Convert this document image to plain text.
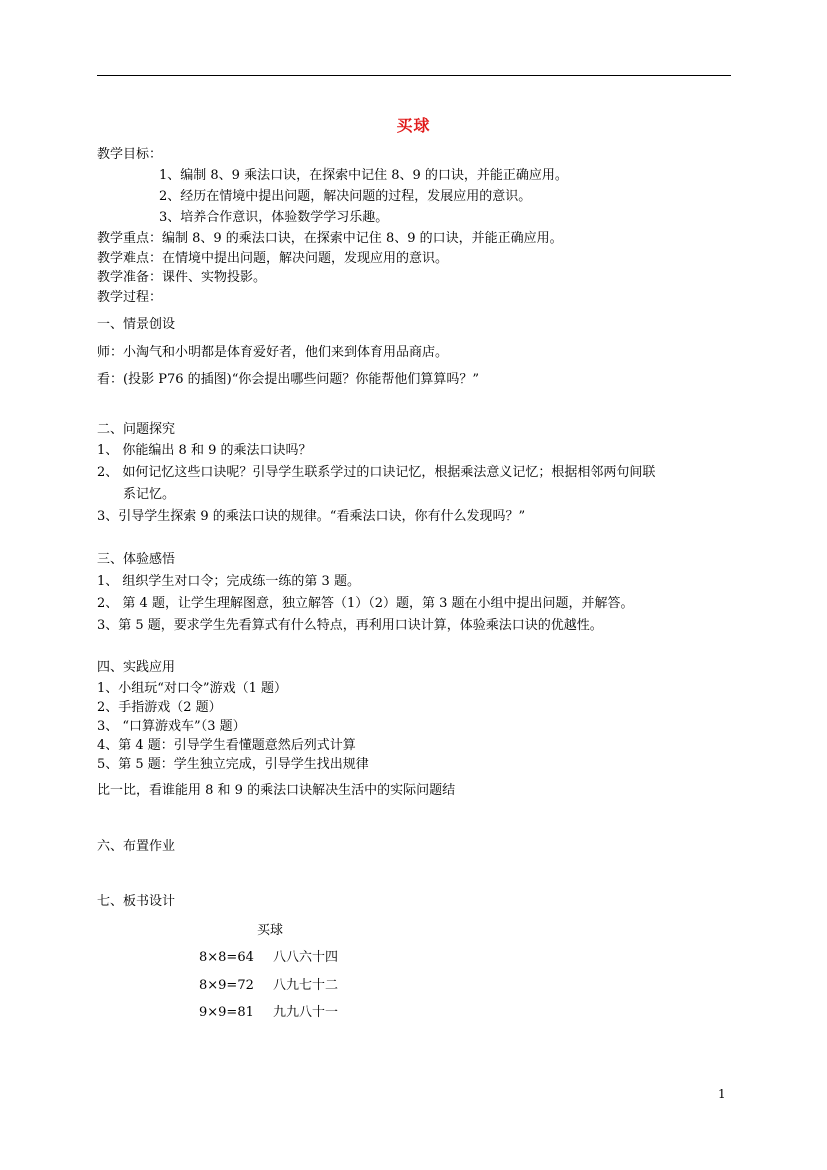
买球
教学目标：
1、编制 8、9 乘法口诀，在探索中记住 8、9 的口诀，并能正确应用。
2、经历在情境中提出问题，解决问题的过程，发展应用的意识。
3、培养合作意识，体验数学学习乐趣。
教学重点：编制 8、9 的乘法口诀，在探索中记住 8、9 的口诀，并能正确应用。
教学难点：在情境中提出问题，解决问题，发现应用的意识。
教学准备：课件、实物投影。
教学过程：
一、情景创设
师：小淘气和小明都是体育爱好者，他们来到体育用品商店。
看：(投影 P76 的插图)“你会提出哪些问题？你能帮他们算算吗？”
二、问题探究
1、 你能编出 8 和 9 的乘法口诀吗？
2、 如何记忆这些口诀呢？引导学生联系学过的口诀记忆，根据乘法意义记忆；根据相邻两句间联
系记忆。
3、引导学生探索 9 的乘法口诀的规律。“看乘法口诀，你有什么发现吗？”
三、体验感悟
1、 组织学生对口令；完成练一练的第 3 题。
2、 第 4 题，让学生理解图意，独立解答（1）（2）题，第 3 题在小组中提出问题，并解答。
3、第 5 题，要求学生先看算式有什么特点，再利用口诀计算，体验乘法口诀的优越性。
四、实践应用
1、小组玩“对口令”游戏（1 题）
2、手指游戏（2 题）
3、 “口算游戏车”（3 题）
4、第 4 题：引导学生看懂题意然后列式计算
5、第 5 题：学生独立完成，引导学生找出规律
比一比，看谁能用 8 和 9 的乘法口诀解决生活中的实际问题结
六、布置作业
七、板书设计
买球
8×8=64 八八六十四
8×9=72 八九七十二
9×9=81 九九八十一
1
